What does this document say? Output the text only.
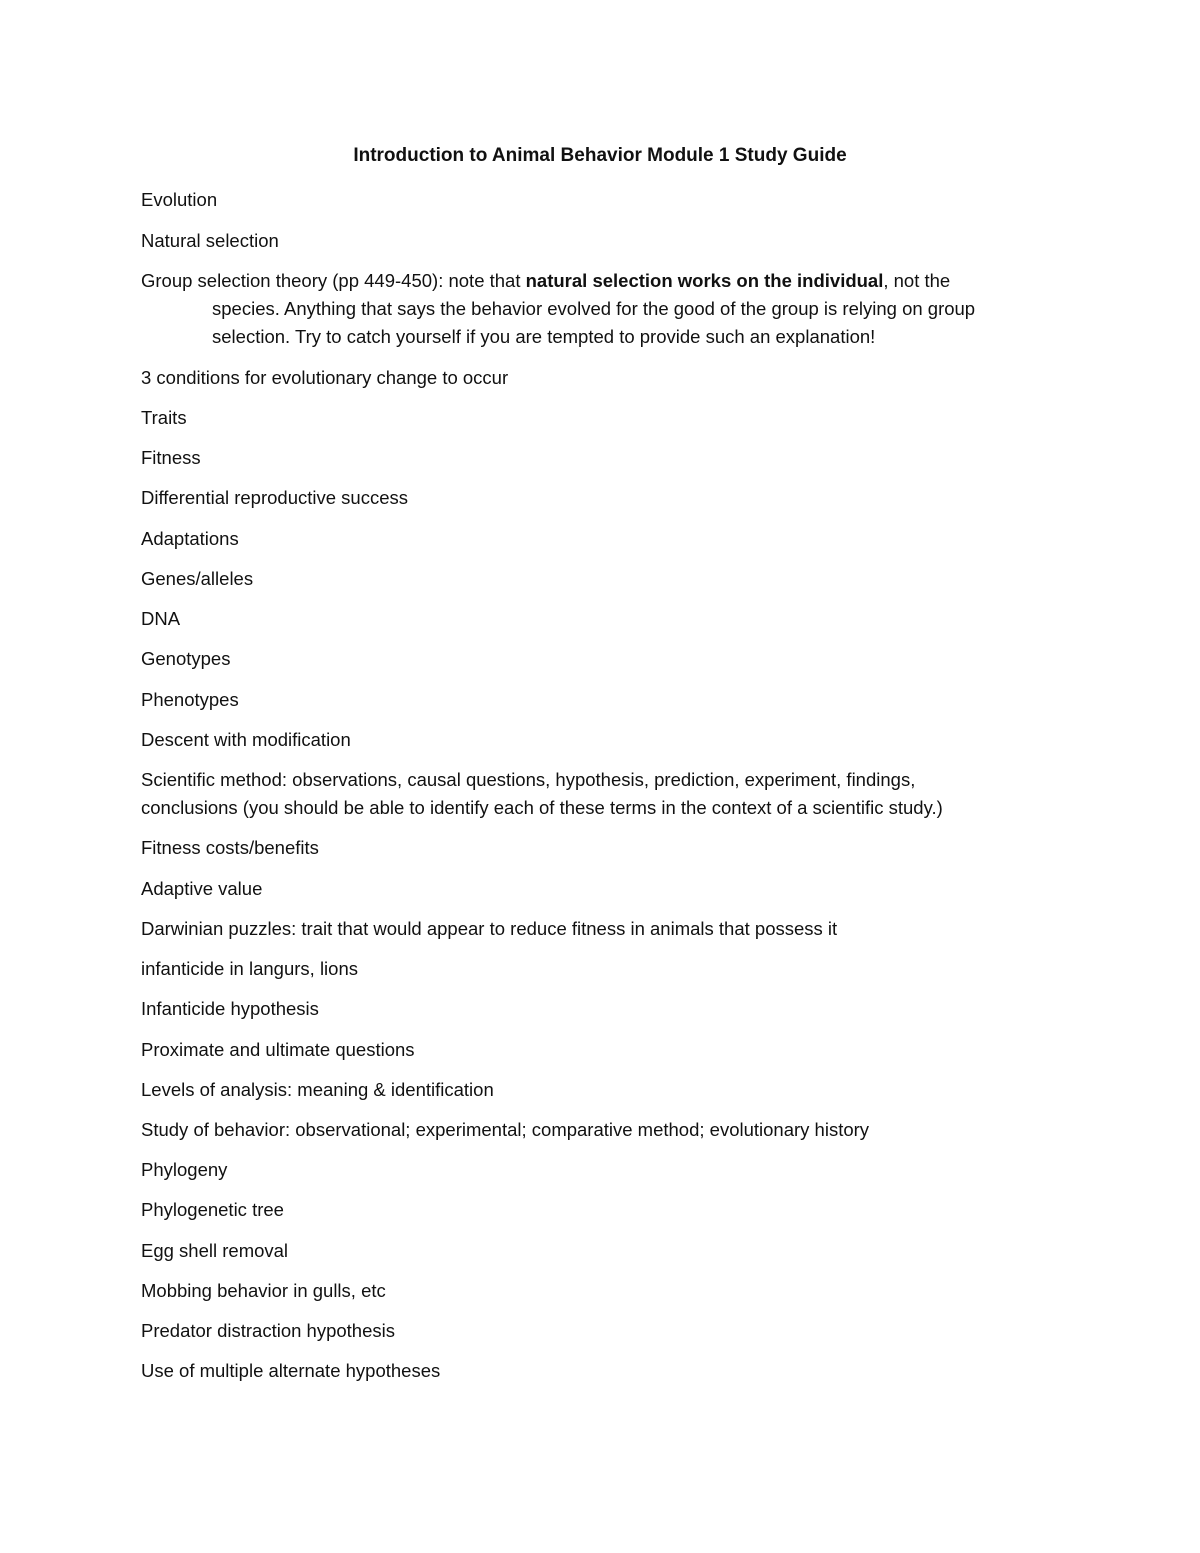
Introduction to Animal Behavior Module 1 Study Guide
Evolution
Natural selection
Group selection theory (pp 449-450): note that natural selection works on the individual, not the
species. Anything that says the behavior evolved for the good of the group is relying on group
selection. Try to catch yourself if you are tempted to provide such an explanation!
3 conditions for evolutionary change to occur
Traits
Fitness
Differential reproductive success
Adaptations
Genes/alleles
DNA
Genotypes
Phenotypes
Descent with modification
Scientific method: observations, causal questions, hypothesis, prediction, experiment, findings,
conclusions (you should be able to identify each of these terms in the context of a scientific study.)
Fitness costs/benefits
Adaptive value
Darwinian puzzles: trait that would appear to reduce fitness in animals that possess it
infanticide in langurs, lions
Infanticide hypothesis
Proximate and ultimate questions
Levels of analysis: meaning & identification
Study of behavior: observational; experimental; comparative method; evolutionary history
Phylogeny
Phylogenetic tree
Egg shell removal
Mobbing behavior in gulls, etc
Predator distraction hypothesis
Use of multiple alternate hypotheses
